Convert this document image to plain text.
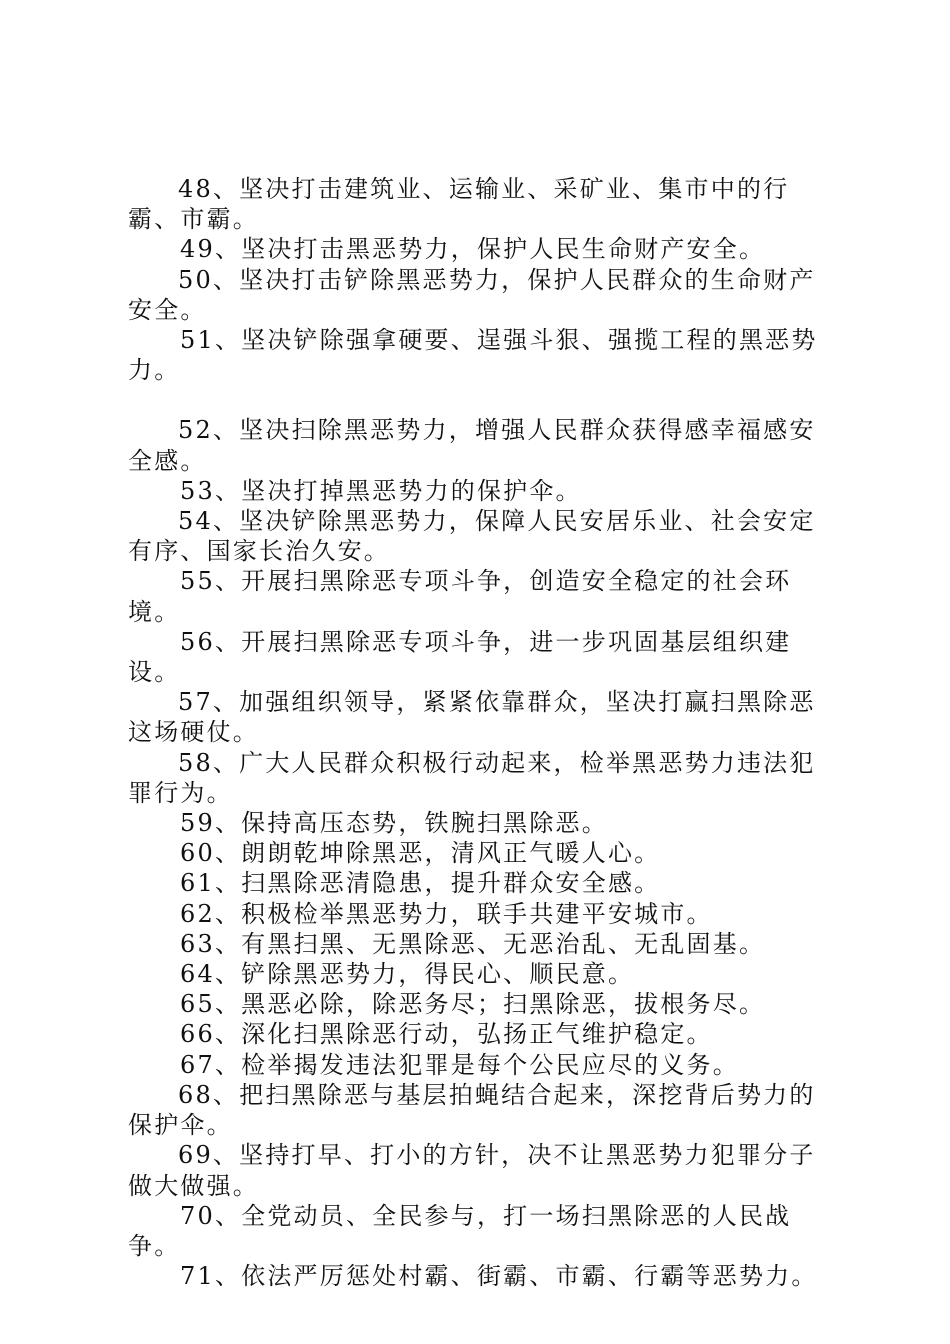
48、坚决打击建筑业、运输业、采矿业、集市中的行霸、市霸。

49、坚决打击黑恶势力，保护人民生命财产安全。

50、坚决打击铲除黑恶势力，保护人民群众的生命财产安全。

51、坚决铲除强拿硬要、逞强斗狠、强揽工程的黑恶势力。

52、坚决扫除黑恶势力，增强人民群众获得感幸福感安全感。

53、坚决打掉黑恶势力的保护伞。

54、坚决铲除黑恶势力，保障人民安居乐业、社会安定有序、国家长治久安。

55、开展扫黑除恶专项斗争，创造安全稳定的社会环境。

56、开展扫黑除恶专项斗争，进一步巩固基层组织建设。

57、加强组织领导，紧紧依靠群众，坚决打赢扫黑除恶这场硬仗。

58、广大人民群众积极行动起来，检举黑恶势力违法犯罪行为。

59、保持高压态势，铁腕扫黑除恶。

60、朗朗乾坤除黑恶，清风正气暖人心。

61、扫黑除恶清隐患，提升群众安全感。

62、积极检举黑恶势力，联手共建平安城市。

63、有黑扫黑、无黑除恶、无恶治乱、无乱固基。

64、铲除黑恶势力，得民心、顺民意。

65、黑恶必除，除恶务尽；扫黑除恶，拔根务尽。

66、深化扫黑除恶行动，弘扬正气维护稳定。

67、检举揭发违法犯罪是每个公民应尽的义务。

68、把扫黑除恶与基层拍蝇结合起来，深挖背后势力的保护伞。

69、坚持打早、打小的方针，决不让黑恶势力犯罪分子做大做强。

70、全党动员、全民参与，打一场扫黑除恶的人民战争。

71、依法严厉惩处村霸、街霸、市霸、行霸等恶势力。
